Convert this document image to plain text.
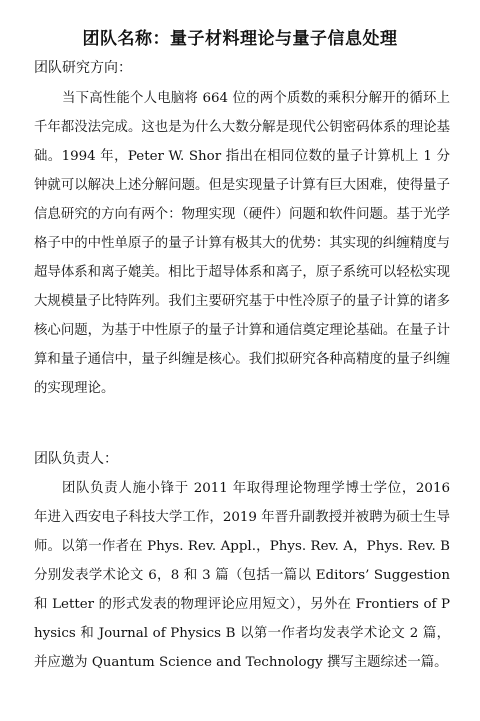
团队名称：量子材料理论与量子信息处理
团队研究方向：

当下高性能个人电脑将 664 位的两个质数的乘积分解开的循环上千年都没法完成。这也是为什么大数分解是现代公钥密码体系的理论基础。1994 年，Peter W. Shor 指出在相同位数的量子计算机上 1 分钟就可以解决上述分解问题。但是实现量子计算有巨大困难，使得量子信息研究的方向有两个：物理实现（硬件）问题和软件问题。基于光学格子中的中性单原子的量子计算有极其大的优势：其实现的纠缠精度与超导体系和离子媲美。相比于超导体系和离子，原子系统可以轻松实现大规模量子比特阵列。我们主要研究基于中性冷原子的量子计算的诸多核心问题，为基于中性原子的量子计算和通信奠定理论基础。在量子计算和量子通信中，量子纠缠是核心。我们拟研究各种高精度的量子纠缠的实现理论。

团队负责人：

团队负责人施小锋于 2011 年取得理论物理学博士学位，2016 年进入西安电子科技大学工作，2019 年晋升副教授并被聘为硕士生导师。以第一作者在 Phys. Rev. Appl.，Phys. Rev. A，Phys. Rev. B 分别发表学术论文 6，8 和 3 篇（包括一篇以 Editors’ Suggestion 和 Letter 的形式发表的物理评论应用短文），另外在 Frontiers of Physics 和 Journal of Physics B 以第一作者均发表学术论文 2 篇，并应邀为 Quantum Science and Technology 撰写主题综述一篇。
